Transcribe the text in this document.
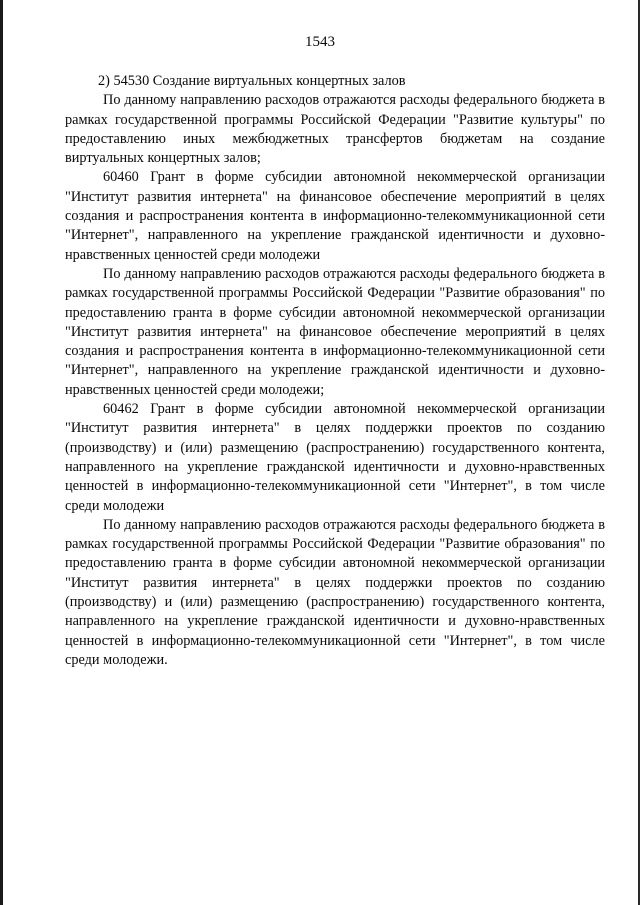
1543

2) 54530 Создание виртуальных концертных залов

По данному направлению расходов отражаются расходы федерального бюджета в рамках государственной программы Российской Федерации "Развитие культуры" по предоставлению иных межбюджетных трансфертов бюджетам на создание виртуальных концертных залов;

60460 Грант в форме субсидии автономной некоммерческой организации "Институт развития интернета" на финансовое обеспечение мероприятий в целях создания и распространения контента в информационно-телекоммуникационной сети "Интернет", направленного на укрепление гражданской идентичности и духовно-нравственных ценностей среди молодежи

По данному направлению расходов отражаются расходы федерального бюджета в рамках государственной программы Российской Федерации "Развитие образования" по предоставлению гранта в форме субсидии автономной некоммерческой организации "Институт развития интернета" на финансовое обеспечение мероприятий в целях создания и распространения контента в информационно-телекоммуникационной сети "Интернет", направленного на укрепление гражданской идентичности и духовно-нравственных ценностей среди молодежи;

60462 Грант в форме субсидии автономной некоммерческой организации "Институт развития интернета" в целях поддержки проектов по созданию (производству) и (или) размещению (распространению) государственного контента, направленного на укрепление гражданской идентичности и духовно-нравственных ценностей в информационно-телекоммуникационной сети "Интернет", в том числе среди молодежи

По данному направлению расходов отражаются расходы федерального бюджета в рамках государственной программы Российской Федерации "Развитие образования" по предоставлению гранта в форме субсидии автономной некоммерческой организации "Институт развития интернета" в целях поддержки проектов по созданию (производству) и (или) размещению (распространению) государственного контента, направленного на укрепление гражданской идентичности и духовно-нравственных ценностей в информационно-телекоммуникационной сети "Интернет", в том числе среди молодежи.
